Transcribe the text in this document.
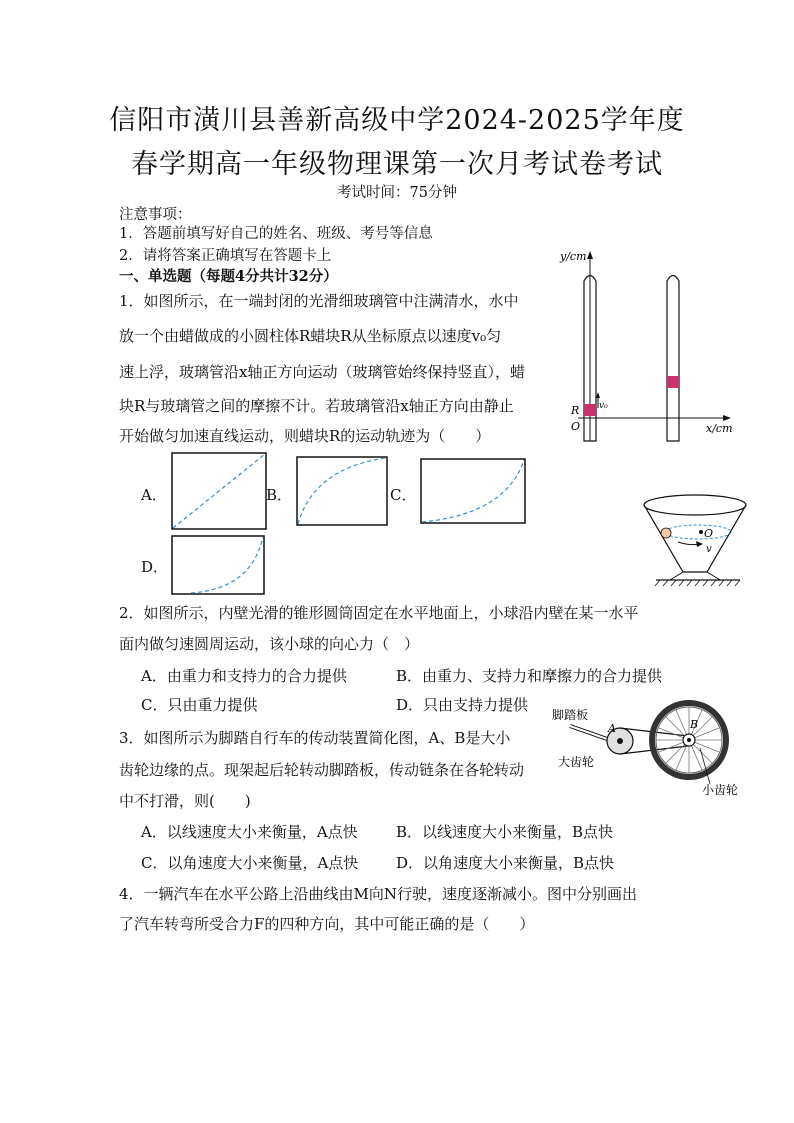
信阳市潢川县善新高级中学2024-2025学年度
春学期高一年级物理课第一次月考试卷考试
考试时间：75分钟
注意事项：
1．答题前填写好自己的姓名、班级、考号等信息
2．请将答案正确填写在答题卡上
一、单选题（每题4分共计32分）
1．如图所示，在一端封闭的光滑细玻璃管中注满清水，水中
放一个由蜡做成的小圆柱体R蜡块R从坐标原点以速度v₀匀
速上浮，玻璃管沿x轴正方向运动（玻璃管始终保持竖直），蜡
块R与玻璃管之间的摩擦不计。若玻璃管沿x轴正方向由静止
开始做匀加速直线运动，则蜡块R的运动轨迹为（　　）
y/cm
x/cm
v₀
R
O
A．	B．	C．
D．
O
v
2．如图所示，内壁光滑的锥形圆筒固定在水平地面上，小球沿内壁在某一水平
面内做匀速圆周运动，该小球的向心力（　）
A．由重力和支持力的合力提供	B．由重力、支持力和摩擦力的合力提供
C．只由重力提供	D．只由支持力提供
脚踏板
大齿轮
小齿轮
A	B
3．如图所示为脚踏自行车的传动装置简化图，A、B是大小
齿轮边缘的点。现架起后轮转动脚踏板，传动链条在各轮转动
中不打滑，则(　　)
A．以线速度大小来衡量，A点快	B．以线速度大小来衡量，B点快
C．以角速度大小来衡量，A点快	D．以角速度大小来衡量，B点快
4．一辆汽车在水平公路上沿曲线由M向N行驶，速度逐渐减小。图中分别画出
了汽车转弯所受合力F的四种方向，其中可能正确的是（　　）
